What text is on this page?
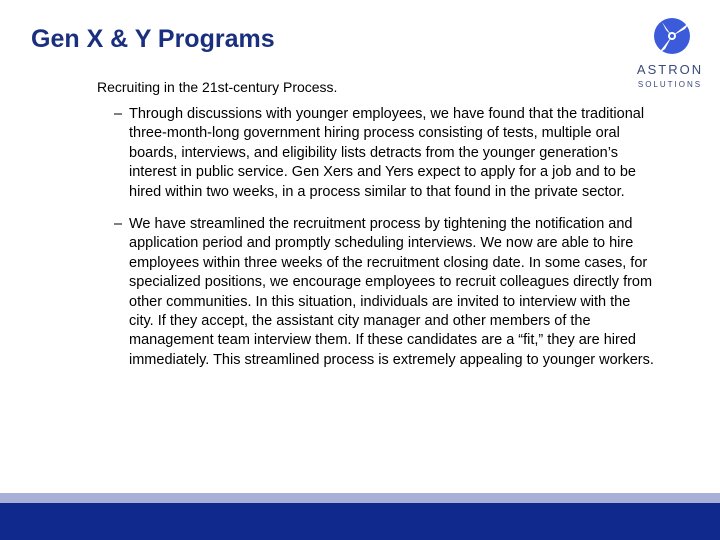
Gen X & Y Programs
ASTRON
SOLUTIONS
Recruiting in the 21st-century Process.
– Through discussions with younger employees, we have found that the traditional three-month-long government hiring process consisting of tests, multiple oral boards, interviews, and eligibility lists detracts from the younger generation’s interest in public service. Gen Xers and Yers expect to apply for a job and to be hired within two weeks, in a process similar to that found in the private sector.
– We have streamlined the recruitment process by tightening the notification and application period and promptly scheduling interviews. We now are able to hire employees within three weeks of the recruitment closing date. In some cases, for specialized positions, we encourage employees to recruit colleagues directly from other communities. In this situation, individuals are invited to interview with the city. If they accept, the assistant city manager and other members of the management team interview them. If these candidates are a “fit,” they are hired immediately. This streamlined process is extremely appealing to younger workers.
